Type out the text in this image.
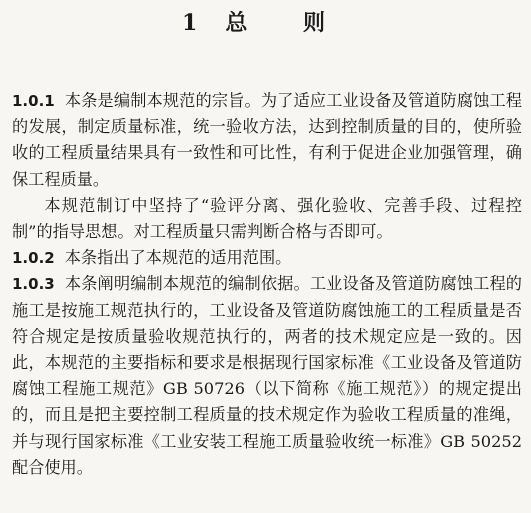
1 总 则

1.0.1 本条是编制本规范的宗旨。为了适应工业设备及管道防腐蚀工程的发展，制定质量标准，统一验收方法，达到控制质量的目的，使所验收的工程质量结果具有一致性和可比性，有利于促进企业加强管理，确保工程质量。

本规范制订中坚持了“验评分离、强化验收、完善手段、过程控制”的指导思想。对工程质量只需判断合格与否即可。

1.0.2 本条指出了本规范的适用范围。

1.0.3 本条阐明编制本规范的编制依据。工业设备及管道防腐蚀工程的施工是按施工规范执行的，工业设备及管道防腐蚀施工的工程质量是否符合规定是按质量验收规范执行的，两者的技术规定应是一致的。因此，本规范的主要指标和要求是根据现行国家标准《工业设备及管道防腐蚀工程施工规范》GB 50726（以下简称《施工规范》）的规定提出的，而且是把主要控制工程质量的技术规定作为验收工程质量的准绳，并与现行国家标准《工业安装工程施工质量验收统一标准》GB 50252 配合使用。
